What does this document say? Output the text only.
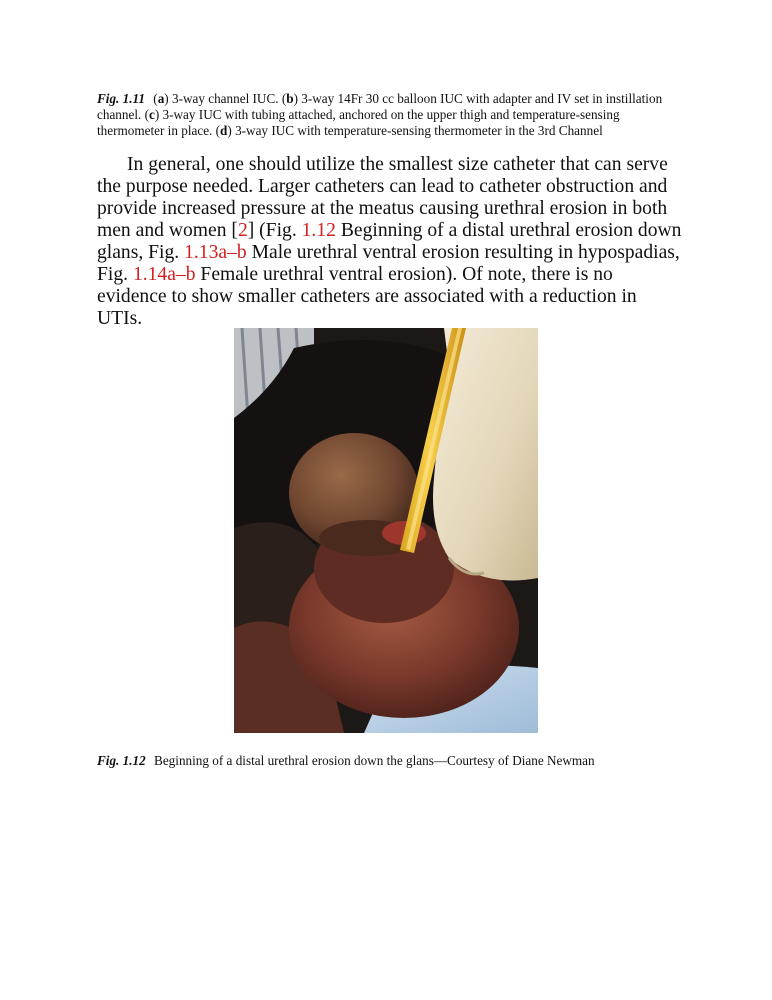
Fig. 1.11 (a) 3-way channel IUC. (b) 3-way 14Fr 30 cc balloon IUC with adapter and IV set in instillation channel. (c) 3-way IUC with tubing attached, anchored on the upper thigh and temperature-sensing thermometer in place. (d) 3-way IUC with temperature-sensing thermometer in the 3rd Channel

In general, one should utilize the smallest size catheter that can serve the purpose needed. Larger catheters can lead to catheter obstruction and provide increased pressure at the meatus causing urethral erosion in both men and women [2] (Fig. 1.12 Beginning of a distal urethral erosion down glans, Fig. 1.13a–b Male urethral ventral erosion resulting in hypospadias, Fig. 1.14a–b Female urethral ventral erosion). Of note, there is no evidence to show smaller catheters are associated with a reduction in UTIs.

Fig. 1.12 Beginning of a distal urethral erosion down the glans—Courtesy of Diane Newman
